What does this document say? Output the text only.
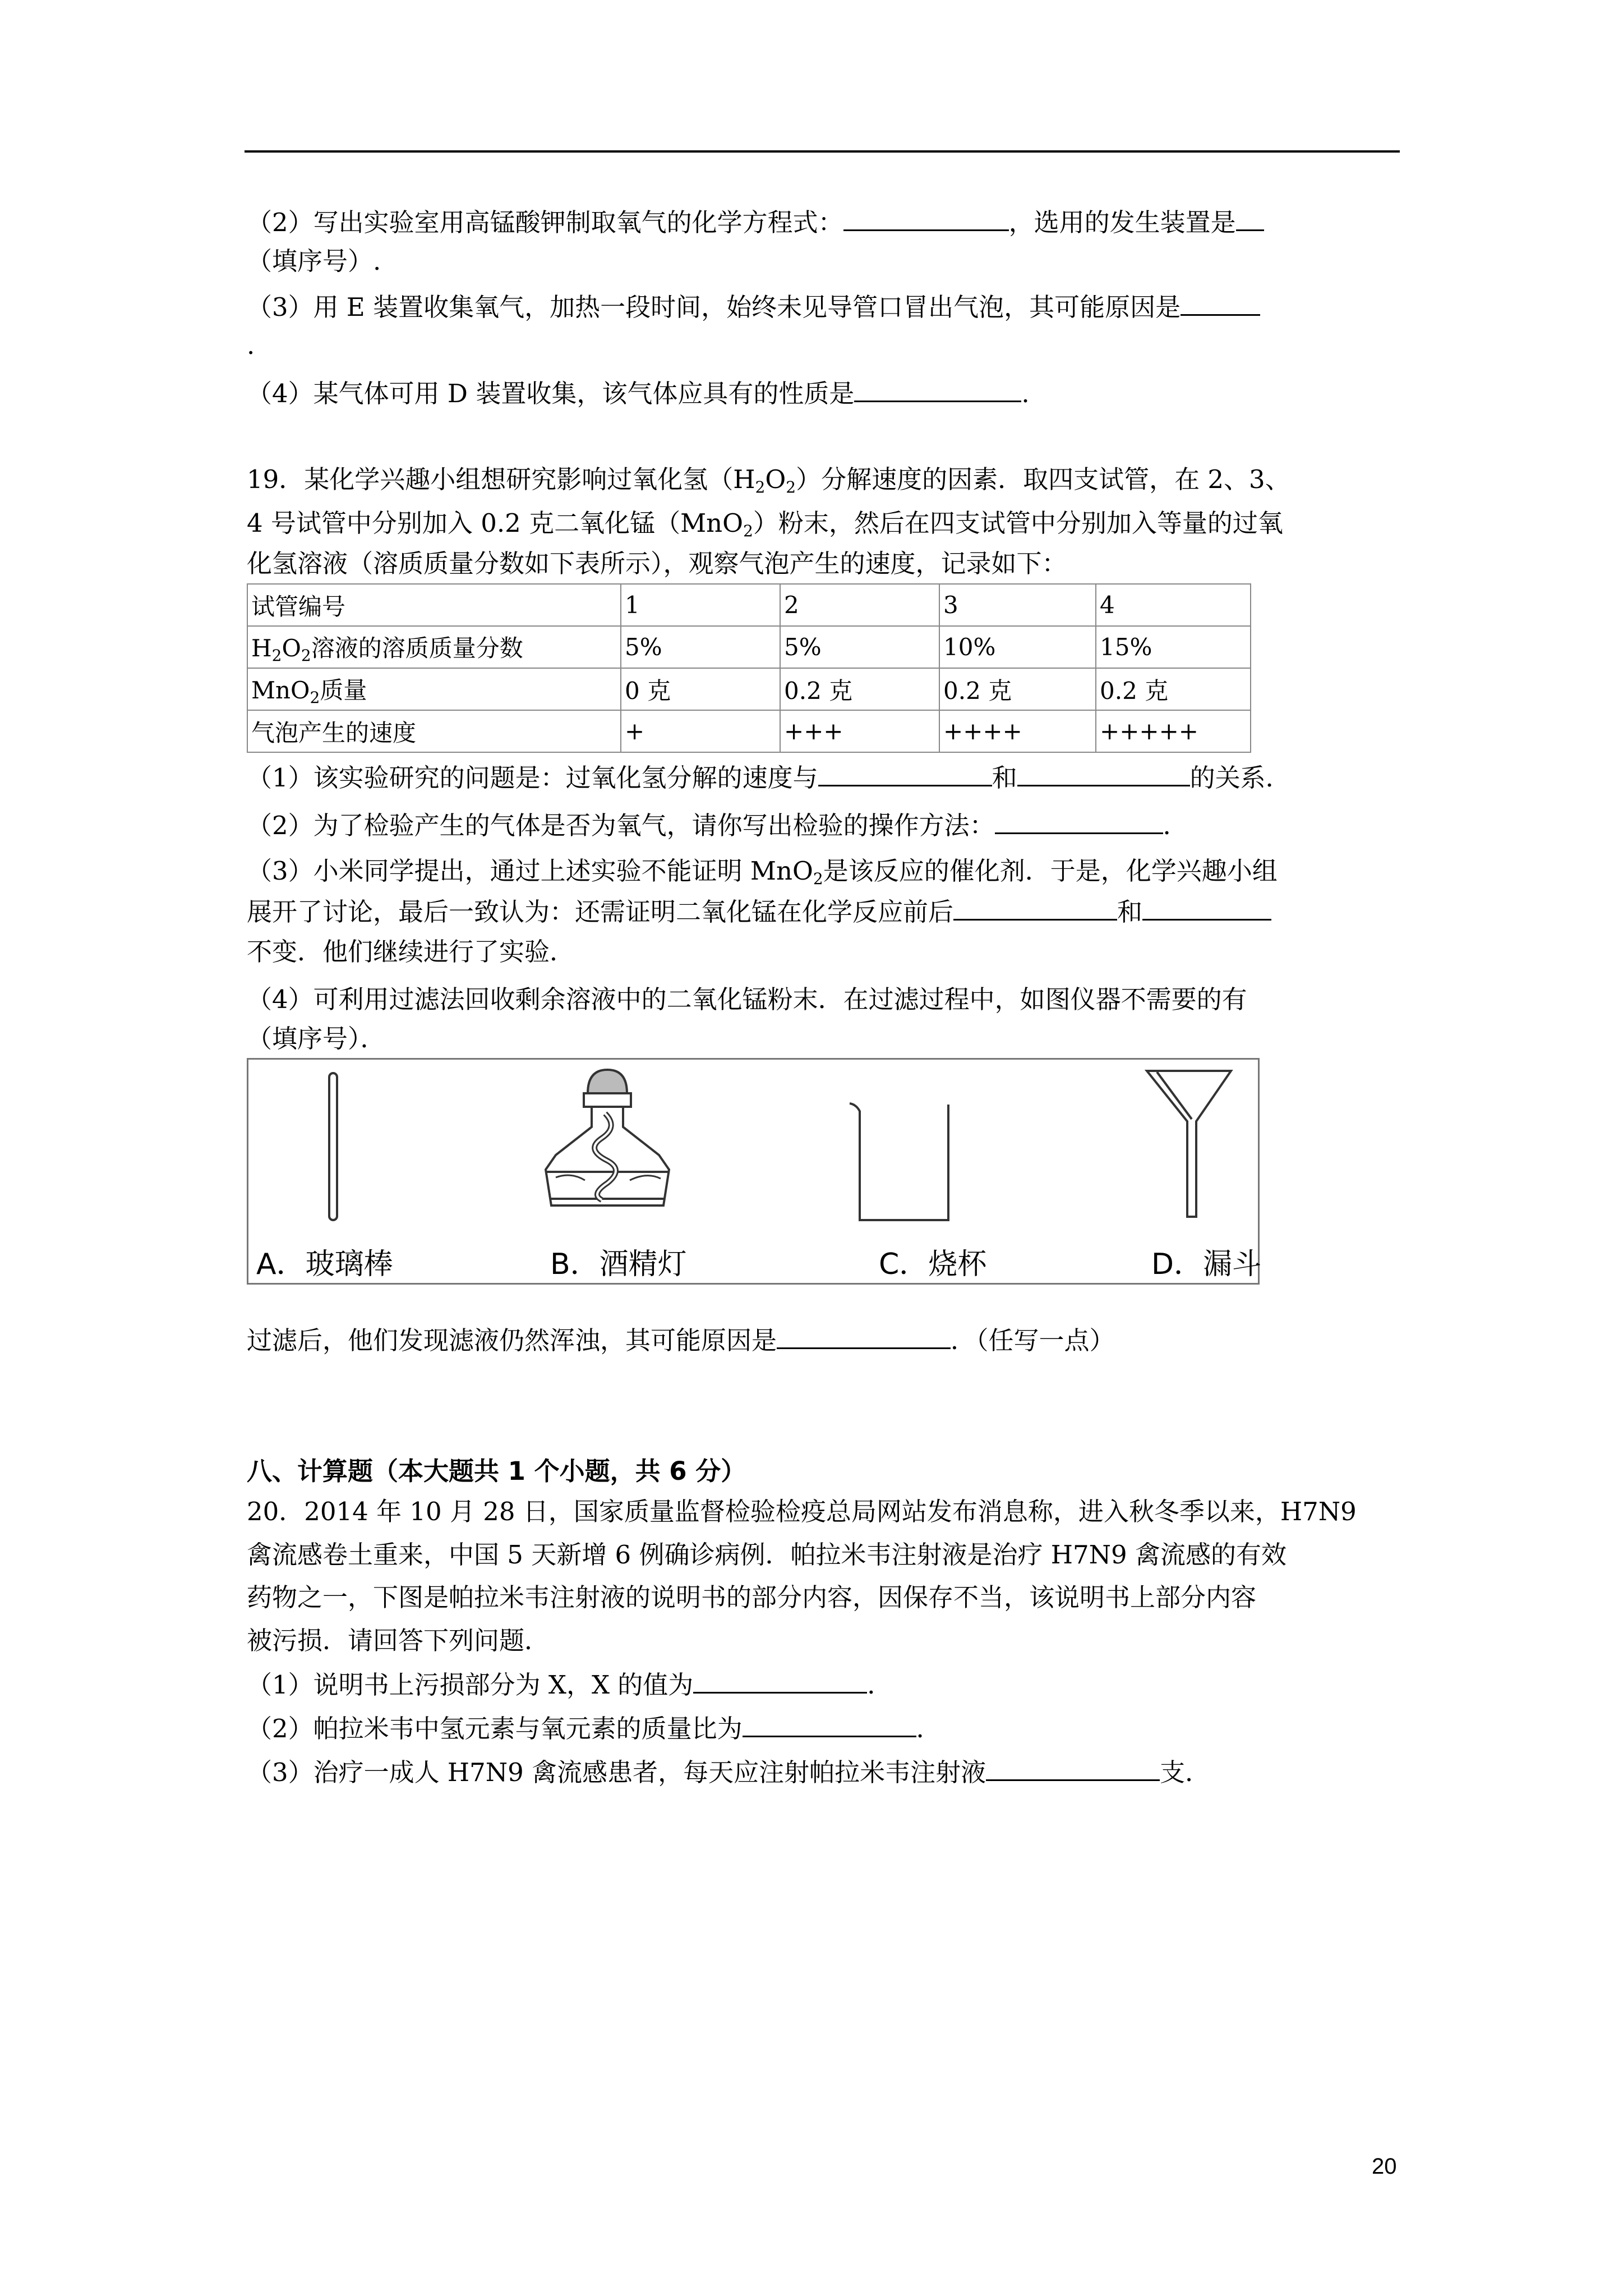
（2）写出实验室用高锰酸钾制取氧气的化学方程式：	，选用的发生装置是
（填序号）.
（3）用 E 装置收集氧气，加热一段时间，始终未见导管口冒出气泡，其可能原因是
.
（4）某气体可用 D 装置收集，该气体应具有的性质是	.
19．某化学兴趣小组想研究影响过氧化氢$(H_2O_2)$分解速度的因素．取四支试管，在 2、3、
4 号试管中分别加入 0.2 克二氧化锰（MnO$_2$）粉末，然后在四支试管中分别加入等量的过氧
化氢溶液（溶质质量分数如下表所示），观察气泡产生的速度，记录如下：
试管编号	1	2	3	4
$H_2O_2$溶液的溶质质量分数	5%	5%	10%	15%
MnO$_2$质量	0 克	0.2 克	0.2 克	0.2 克
气泡产生的速度	+	+++	++++	+++++
（1）该实验研究的问题是：过氧化氢分解的速度与	和	的关系．
（2）为了检验产生的气体是否为氧气，请你写出检验的操作方法：	．
（3）小米同学提出，通过上述实验不能证明 MnO$_2$是该反应的催化剂．于是，化学兴趣小组
展开了讨论，最后一致认为：还需证明二氧化锰在化学反应前后	和
不变．他们继续进行了实验．
（4）可利用过滤法回收剩余溶液中的二氧化锰粉末．在过滤过程中，如图仪器不需要的有
（填序号）．
A．玻璃棒	B．酒精灯	C．烧杯	D．漏斗
过滤后，他们发现滤液仍然浑浊，其可能原因是	．（任写一点）
八、计算题（本大题共 1 个小题，共 6 分）
20．2014 年 10 月 28 日，国家质量监督检验检疫总局网站发布消息称，进入秋冬季以来，H7N9
禽流感卷土重来，中国 5 天新增 6 例确诊病例．帕拉米韦注射液是治疗 H7N9 禽流感的有效
药物之一，下图是帕拉米韦注射液的说明书的部分内容，因保存不当，该说明书上部分内容
被污损．请回答下列问题．
（1）说明书上污损部分为 X，X 的值为	．
（2）帕拉米韦中氢元素与氧元素的质量比为	．
（3）治疗一成人 H7N9 禽流感患者，每天应注射帕拉米韦注射液	支．
20
